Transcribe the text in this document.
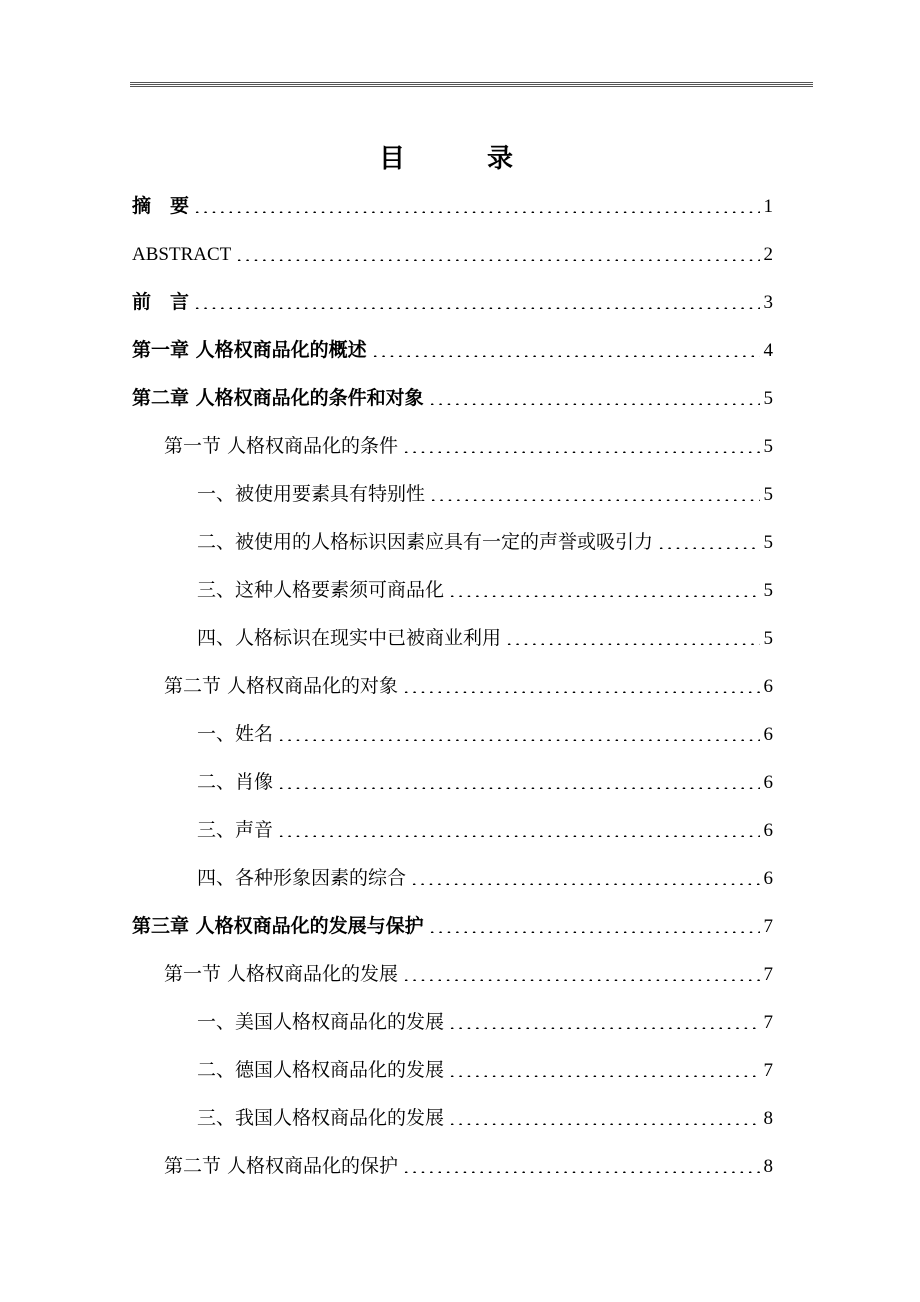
目　录
摘　要	1
ABSTRACT	2
前　言	3
第一章 人格权商品化的概述	4
第二章 人格权商品化的条件和对象	5
第一节 人格权商品化的条件	5
一、被使用要素具有特别性	5
二、被使用的人格标识因素应具有一定的声誉或吸引力	5
三、这种人格要素须可商品化	5
四、人格标识在现实中已被商业利用	5
第二节 人格权商品化的对象	6
一、姓名	6
二、肖像	6
三、声音	6
四、各种形象因素的综合	6
第三章 人格权商品化的发展与保护	7
第一节 人格权商品化的发展	7
一、美国人格权商品化的发展	7
二、德国人格权商品化的发展	7
三、我国人格权商品化的发展	8
第二节 人格权商品化的保护	8
